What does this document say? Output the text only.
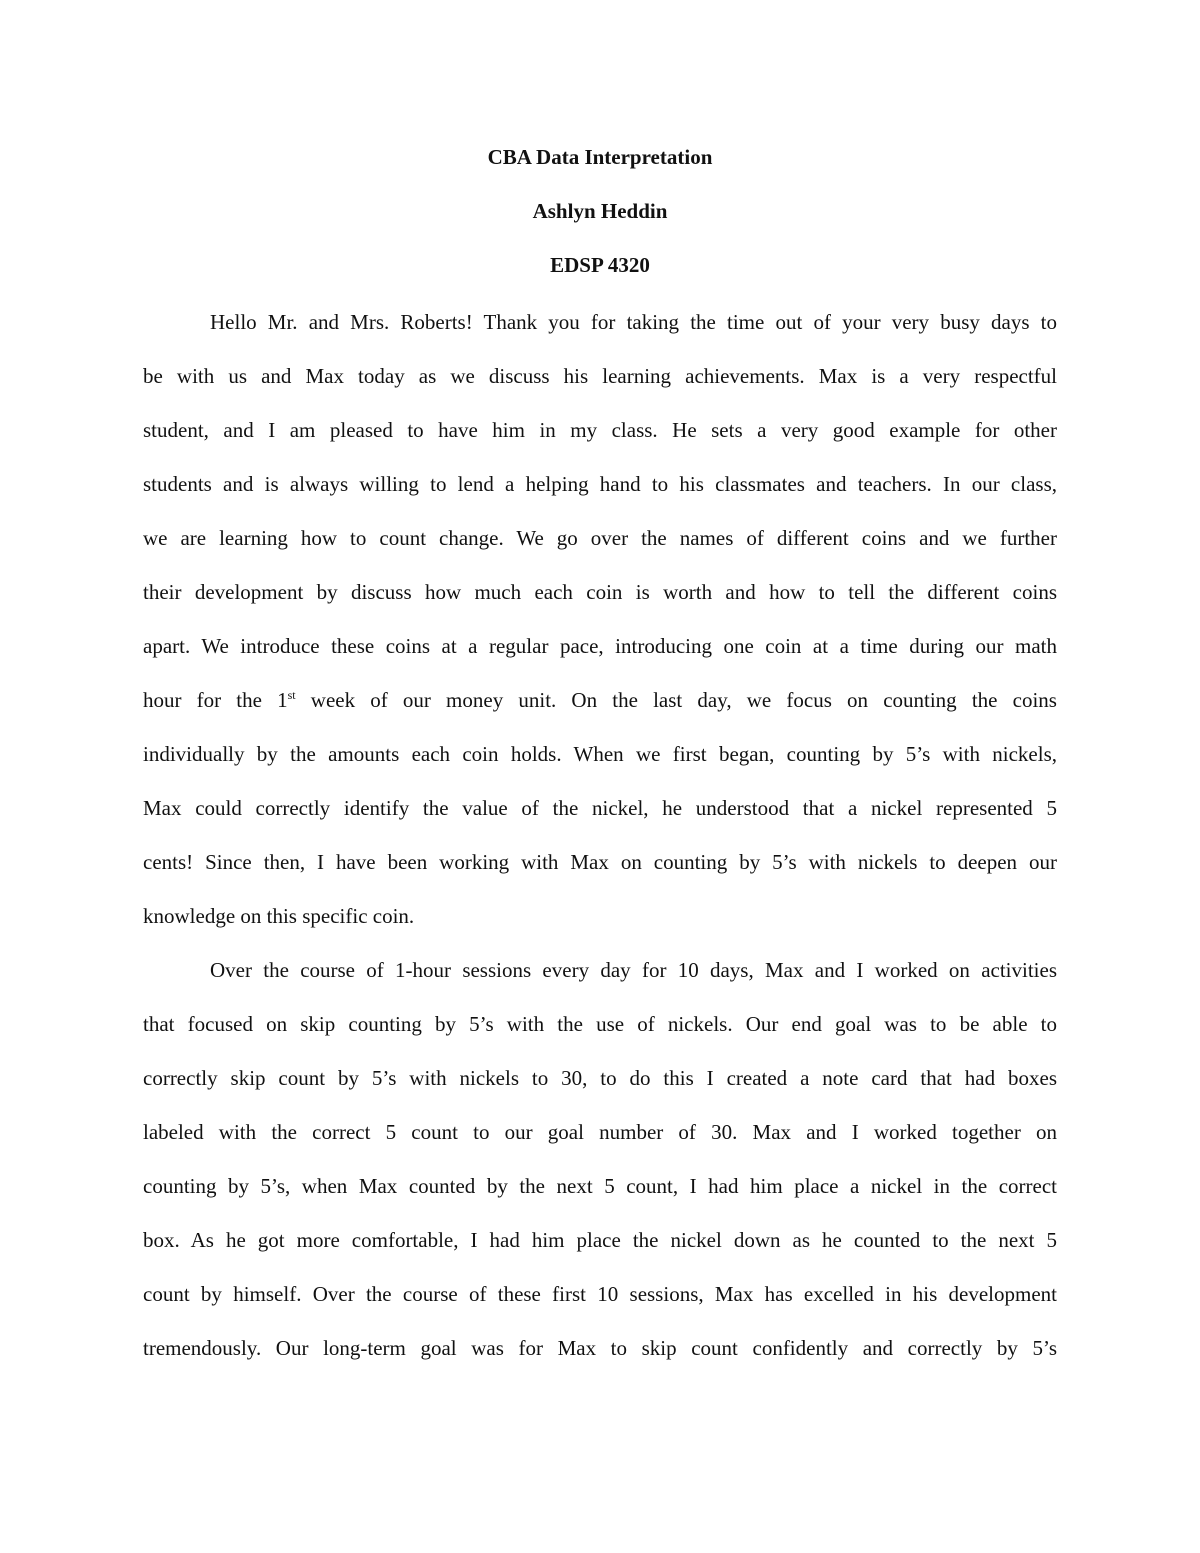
CBA Data Interpretation
Ashlyn Heddin
EDSP 4320
Hello Mr. and Mrs. Roberts! Thank you for taking the time out of your very busy days to
be with us and Max today as we discuss his learning achievements. Max is a very respectful
student, and I am pleased to have him in my class. He sets a very good example for other
students and is always willing to lend a helping hand to his classmates and teachers. In our class,
we are learning how to count change. We go over the names of different coins and we further
their development by discuss how much each coin is worth and how to tell the different coins
apart. We introduce these coins at a regular pace, introducing one coin at a time during our math
hour for the 1st week of our money unit. On the last day, we focus on counting the coins
individually by the amounts each coin holds. When we first began, counting by 5’s with nickels,
Max could correctly identify the value of the nickel, he understood that a nickel represented 5
cents! Since then, I have been working with Max on counting by 5’s with nickels to deepen our
knowledge on this specific coin.
Over the course of 1-hour sessions every day for 10 days, Max and I worked on activities
that focused on skip counting by 5’s with the use of nickels. Our end goal was to be able to
correctly skip count by 5’s with nickels to 30, to do this I created a note card that had boxes
labeled with the correct 5 count to our goal number of 30. Max and I worked together on
counting by 5’s, when Max counted by the next 5 count, I had him place a nickel in the correct
box. As he got more comfortable, I had him place the nickel down as he counted to the next 5
count by himself. Over the course of these first 10 sessions, Max has excelled in his development
tremendously. Our long-term goal was for Max to skip count confidently and correctly by 5’s
